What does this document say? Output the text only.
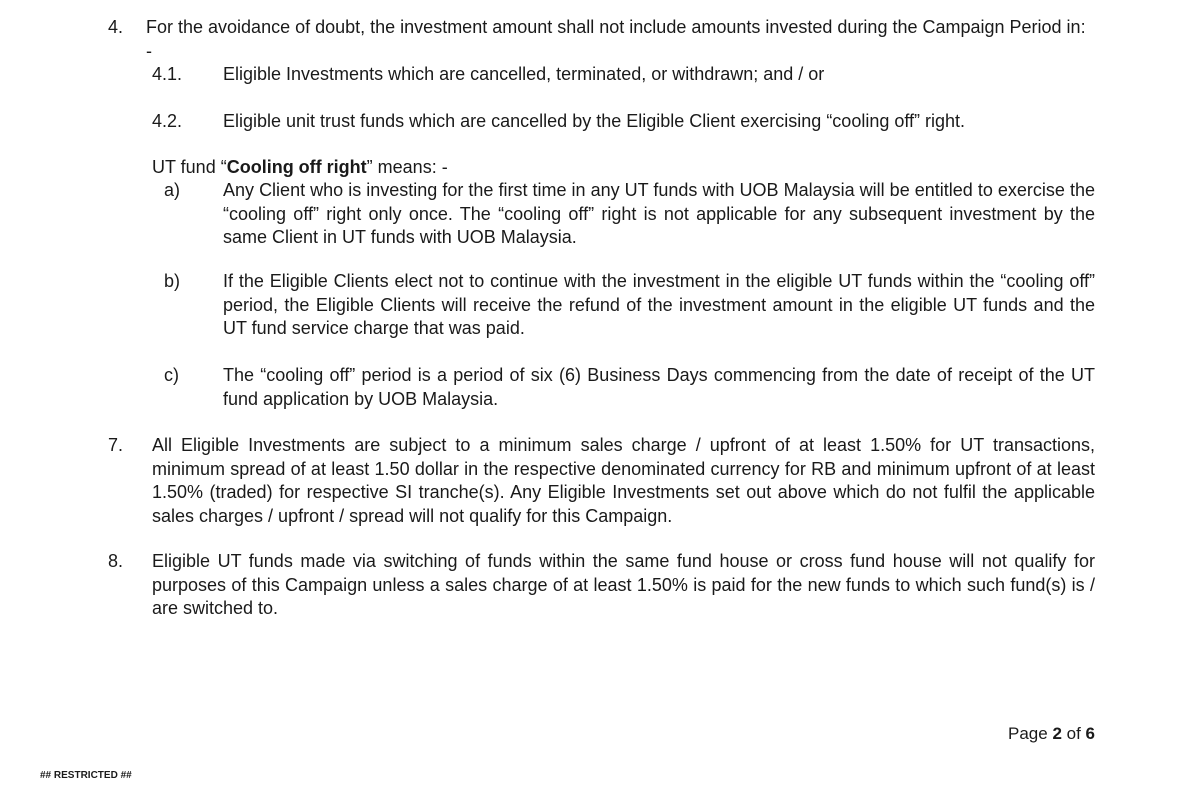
4. For the avoidance of doubt, the investment amount shall not include amounts invested during the Campaign Period in: -
4.1. Eligible Investments which are cancelled, terminated, or withdrawn; and / or
4.2. Eligible unit trust funds which are cancelled by the Eligible Client exercising “cooling off” right.
UT fund “Cooling off right” means: -
a) Any Client who is investing for the first time in any UT funds with UOB Malaysia will be entitled to exercise the “cooling off” right only once. The “cooling off” right is not applicable for any subsequent investment by the same Client in UT funds with UOB Malaysia.
b) If the Eligible Clients elect not to continue with the investment in the eligible UT funds within the “cooling off” period, the Eligible Clients will receive the refund of the investment amount in the eligible UT funds and the UT fund service charge that was paid.
c) The “cooling off” period is a period of six (6) Business Days commencing from the date of receipt of the UT fund application by UOB Malaysia.
7. All Eligible Investments are subject to a minimum sales charge / upfront of at least 1.50% for UT transactions, minimum spread of at least 1.50 dollar in the respective denominated currency for RB and minimum upfront of at least 1.50% (traded) for respective SI tranche(s). Any Eligible Investments set out above which do not fulfil the applicable sales charges / upfront / spread will not qualify for this Campaign.
8. Eligible UT funds made via switching of funds within the same fund house or cross fund house will not qualify for purposes of this Campaign unless a sales charge of at least 1.50% is paid for the new funds to which such fund(s) is / are switched to.
Page 2 of 6
## RESTRICTED ##
